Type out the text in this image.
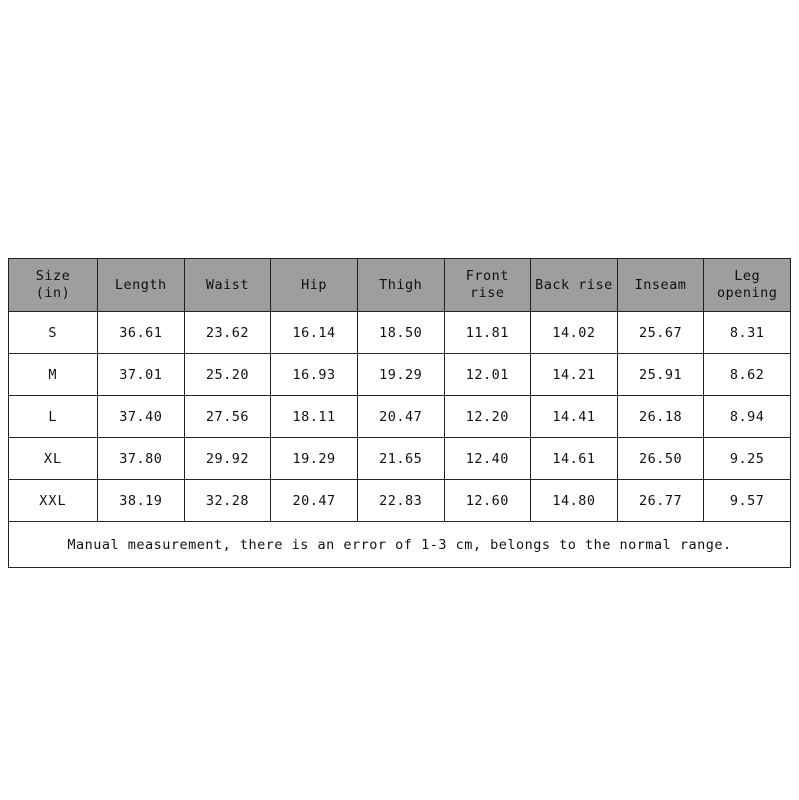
Size
(in)	Length	Waist	Hip	Thigh	Front rise	Back rise	Inseam	Leg opening
S	36.61	23.62	16.14	18.50	11.81	14.02	25.67	8.31
M	37.01	25.20	16.93	19.29	12.01	14.21	25.91	8.62
L	37.40	27.56	18.11	20.47	12.20	14.41	26.18	8.94
XL	37.80	29.92	19.29	21.65	12.40	14.61	26.50	9.25
XXL	38.19	32.28	20.47	22.83	12.60	14.80	26.77	9.57
Manual measurement, there is an error of 1-3 cm, belongs to the normal range.								
